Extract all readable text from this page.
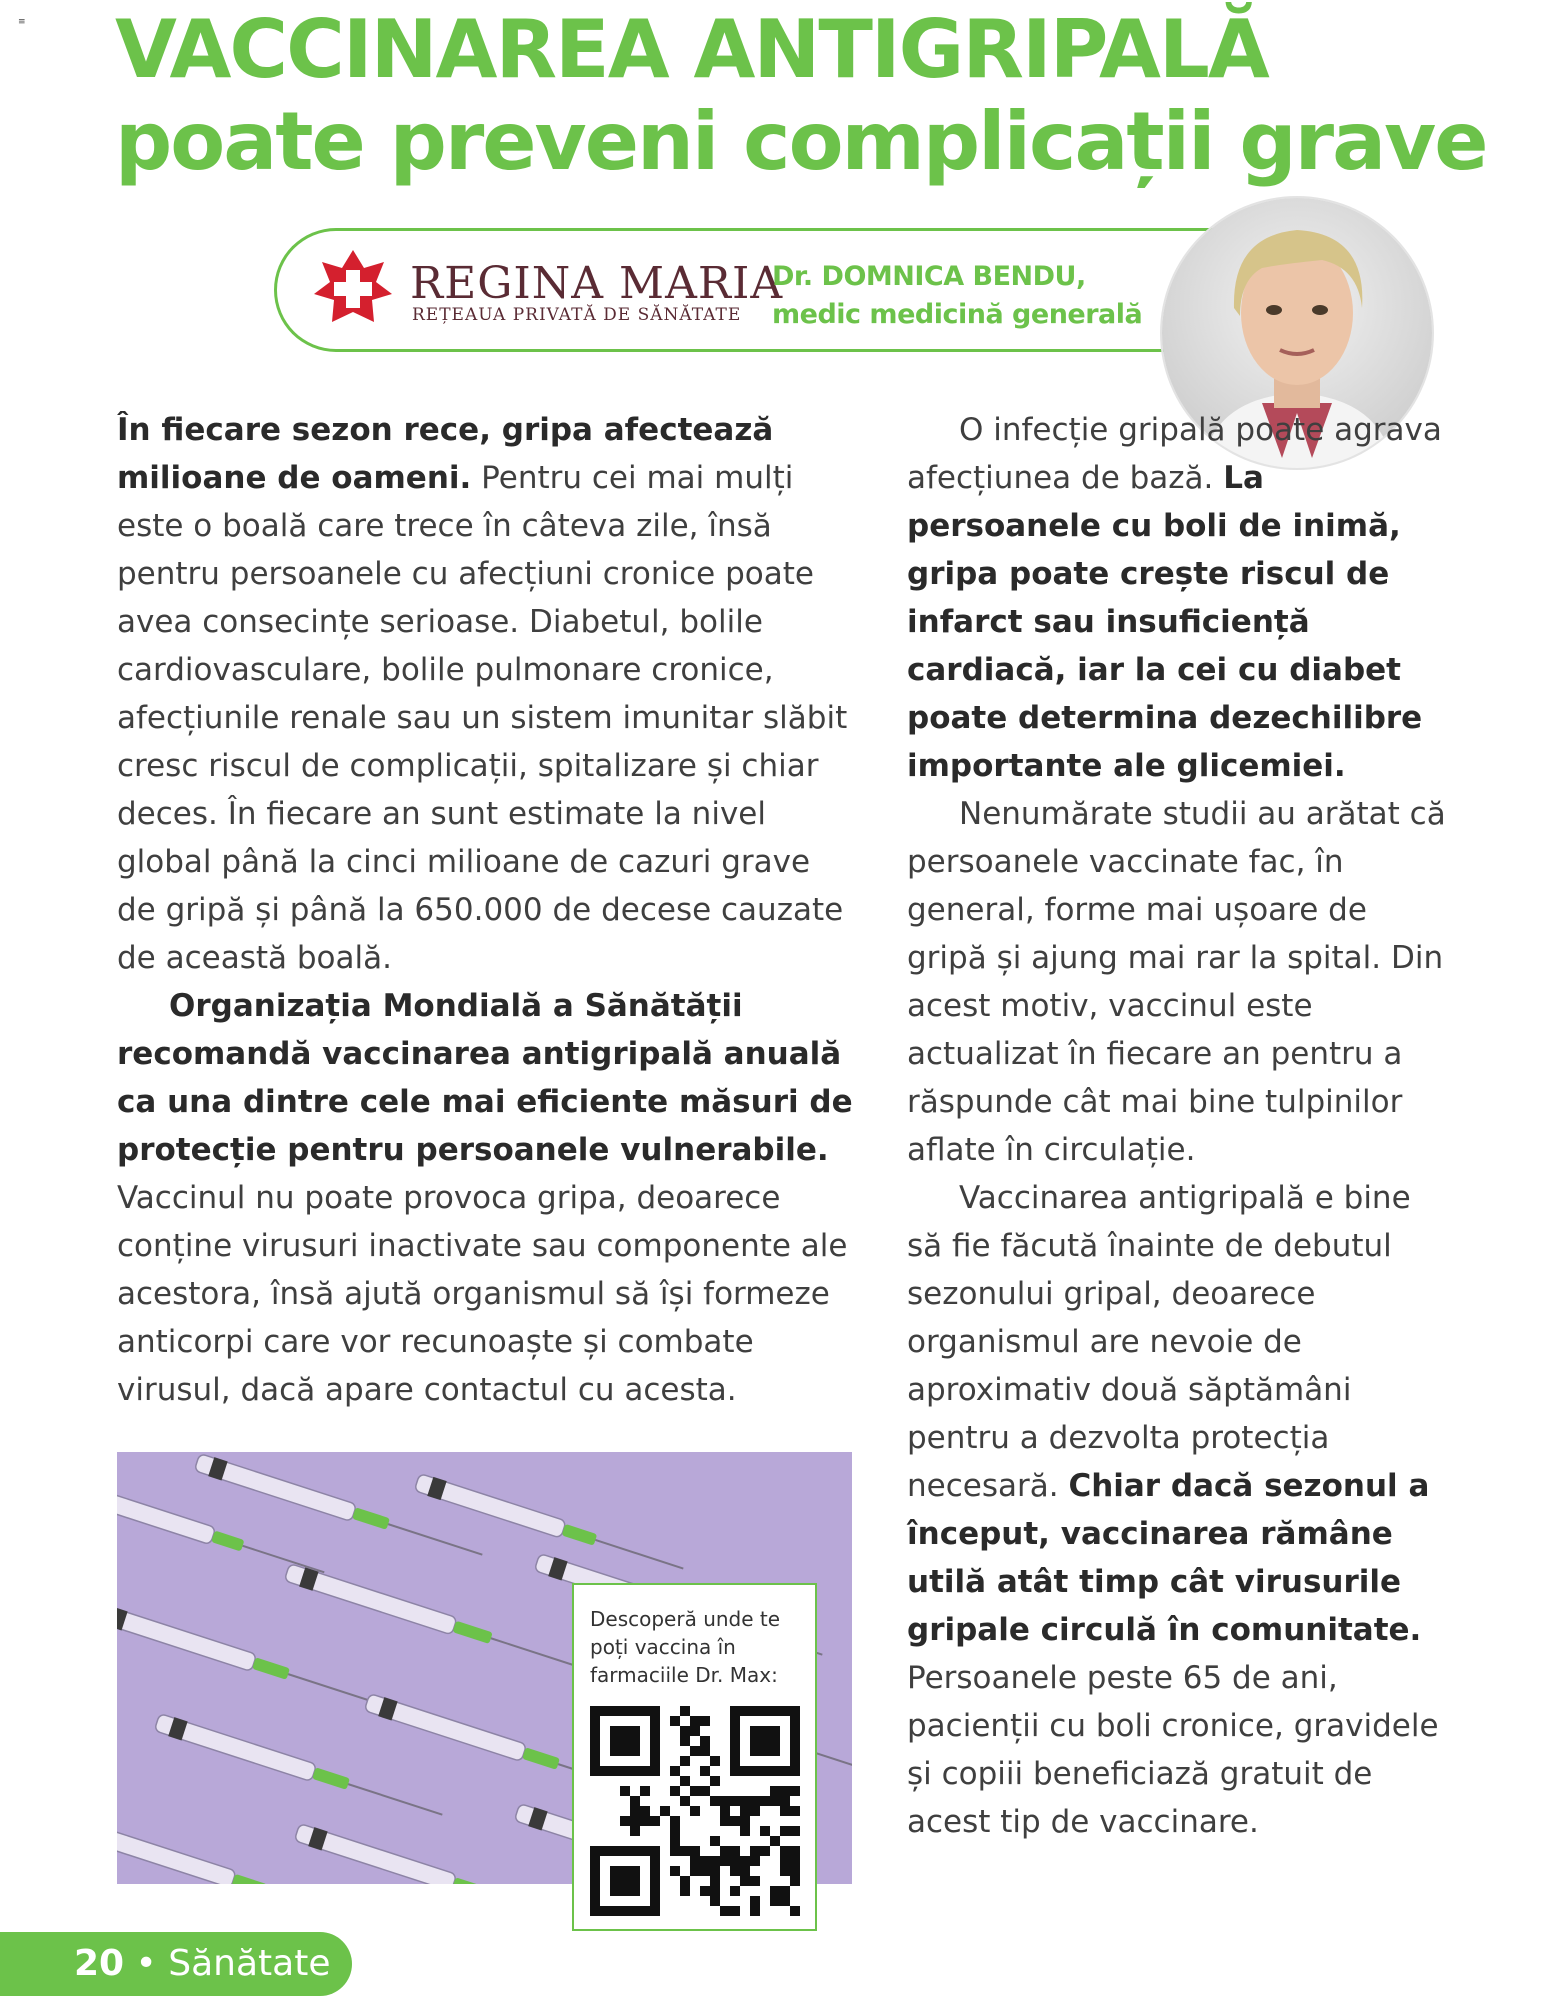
≡ VACCINAREA ANTIGRIPALĂ
poate preveni complicații grave
REGINA MARIA
REȚEAUA PRIVATĂ DE SĂNĂTATE
Dr. DOMNICA BENDU,
medic medicină generală

În fiecare sezon rece, gripa afectează milioane de oameni. Pentru cei mai mulți este o boală care trece în câteva zile, însă pentru persoanele cu afecțiuni cronice poate avea consecințe serioase. Diabetul, bolile cardiovasculare, bolile pulmonare cronice, afecțiunile renale sau un sistem imunitar slăbit cresc riscul de complicații, spitalizare și chiar deces. În fiecare an sunt estimate la nivel global până la cinci milioane de cazuri grave de gripă și până la 650.000 de decese cauzate de această boală.

Organizația Mondială a Sănătății recomandă vaccinarea antigripală anuală ca una dintre cele mai eficiente măsuri de protecție pentru persoanele vulnerabile. Vaccinul nu poate provoca gripa, deoarece conține virusuri inactivate sau componente ale acestora, însă ajută organismul să își formeze anticorpi care vor recunoaște și combate virusul, dacă apare contactul cu acesta.

O infecție gripală poate agrava afecțiunea de bază. La persoanele cu boli de inimă, gripa poate crește riscul de infarct sau insuficiență cardiacă, iar la cei cu diabet poate determina dezechilibre importante ale glicemiei.

Nenumărate studii au arătat că persoanele vaccinate fac, în general, forme mai ușoare de gripă și ajung mai rar la spital. Din acest motiv, vaccinul este actualizat în fiecare an pentru a răspunde cât mai bine tulpinilor aflate în circulație.

Vaccinarea antigripală e bine să fie făcută înainte de debutul sezonului gripal, deoarece organismul are nevoie de aproximativ două săptămâni pentru a dezvolta protecția necesară. Chiar dacă sezonul a început, vaccinarea rămâne utilă atât timp cât virusurile gripale circulă în comunitate. Persoanele peste 65 de ani, pacienții cu boli cronice, gravidele și copiii beneficiază gratuit de acest tip de vaccinare.

Descoperă unde te poți vaccina în farmaciile Dr. Max:
20 • Sănătate
